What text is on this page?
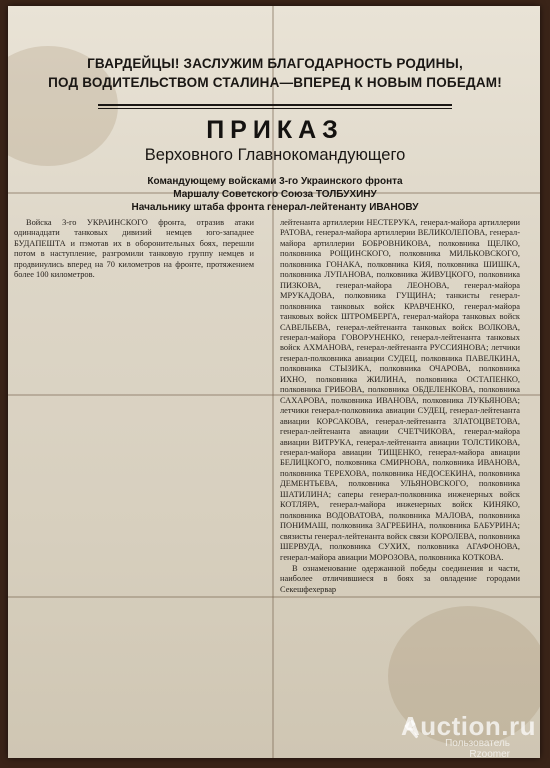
ГВАРДЕЙЦЫ! ЗАСЛУЖИМ БЛАГОДАРНОСТЬ РОДИНЫ,
ПОД ВОДИТЕЛЬСТВОМ СТАЛИНА—ВПЕРЕД К НОВЫМ ПОБЕДАМ!
ПРИКАЗ
Верховного Главнокомандующего
Командующему войсками 3-го Украинского фронта
Маршалу Советского Союза ТОЛБУХИНУ
Начальнику штаба фронта генерал-лейтенанту ИВАНОВУ

Войска 3-го УКРАИНСКОГО фронта, отразив атаки одиннадцати танковых дивизий немцев юго-западнее БУДАПЕШТА и пэмотав их в оборонительных боях, перешли потом в наступление, разгромили танковую группу немцев и продвинулись вперед на 70 километров на фронте, протяжением более 100 километров.

лейтенанта артиллерии НЕСТЕРУКА, генерал-майора артиллерии РАТОВА, генерал-майора артиллерии ВЕЛИКОЛЕПОВА, генерал-майора артиллерии БОБРОВНИКОВА, полковника ЩЕЛКО, полковника РОЩИНСКОГО, полковника МИЛЬКОВСКОГО, полковника ГОНАКА, полковника КИЯ, полковника ШИШКА, полковника ЛУПАНОВА, полковника ЖИВУЦКОГО, полковника ПИЗКОВА, генерал-майора ЛЕОНОВА, генерал-майора МРУКАДОВА, полковника ГУЩИНА; танкисты генерал-полковника танковых войск КРАВЧЕНКО, генерал-майора танковых войск ШТРОМБЕРГА, генерал-майора танковых войск САВЕЛЬЕВА, генерал-лейтенанта танковых войск ВОЛКОВА, генерал-майора ГОВОРУНЕНКО, генерал-лейтенанта танковых войск АХМАНОВА, генерал-лейтенанта РУССИЯНОВА; летчики генерал-полковника авиации СУДЕЦ, полковника ПАВЕЛКИНА, полковника СТЫЗИКА, полковника ОЧАРОВА, полковника ИХНО, полковника ЖИЛИНА, полковника ОСТАПЕНКО, полковника ГРИБОВА, полковника ОБДЕЛЕНКОВА, полковника САХАРОВА, полковника ИВАНОВА, полковника ЛУКЬЯНОВА; летчики генерал-полковника авиации СУДЕЦ, генерал-лейтенанта авиации КОРСАКОВА, генерал-лейтенанта ЗЛАТОЦВЕТОВА, генерал-лейтенанта авиации СЧЕТЧИКОВА, генерал-майора авиации ВИТРУКА, генерал-лейтенанта авиации ТОЛСТИКОВА, генерал-майора авиации ТИЩЕНКО, генерал-майора авиации БЕЛИЦКОГО, полковника СМИРНОВА, полковника ИВАНОВА, полковника ТЕРЕХОВА, полковника НЕДОСЕКИНА, полковника ДЕМЕНТЬЕВА, полковника УЛЬЯНОВСКОГО, полковника ШАТИЛИНА; саперы генерал-полковника инженерных войск КОТЛЯРА, генерал-майора инженерных войск КИНЯКО, полковника ВОДОВАТОВА, полковника МАЛОВА, полковника ПОНИМАШ, полковника ЗАГРЕБИНА, полковника БАБУРИНА; связисты генерал-лейтенанта войск связи КОРОЛЕВА, полковника ШЕРВУДА, полковника СУХИХ, полковника АГАФОНОВА, генерал-майора авиации МОРОЗОВА, полковника КОТКОВА.

В ознаменование одержанной победы соединения и части, наиболее отличившиеся в боях за овладение городами Секешфехервар

Auction.ru
Пользователь
Rzoomer
